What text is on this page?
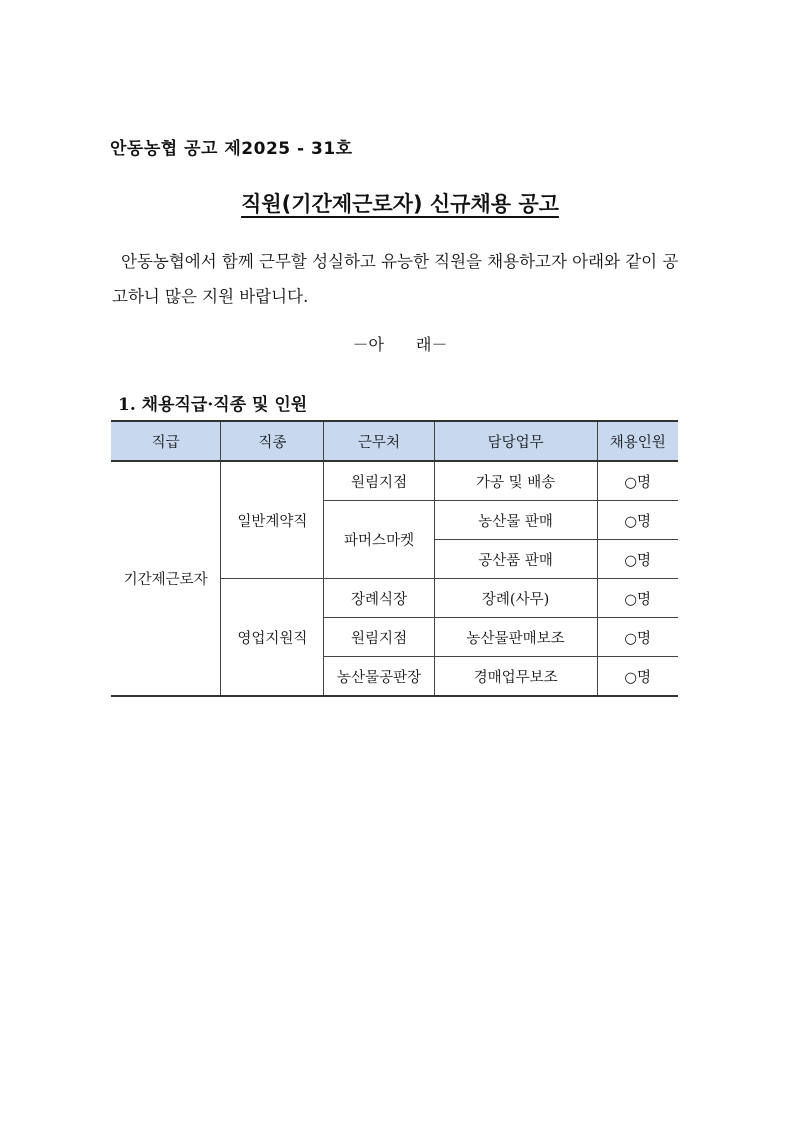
안동농협 공고 제2025 - 31호
직원(기간제근로자) 신규채용 공고
안동농협에서 함께 근무할 성실하고 유능한 직원을 채용하고자 아래와 같이 공고하니 많은 지원 바랍니다.
－아　　래－
1. 채용직급·직종 및 인원
직급	직종	근무처	담당업무	채용인원
기간제근로자	일반계약직	원림지점	가공 및 배송	○명
		파머스마켓	농산물 판매	○명
			공산품 판매	○명
	영업지원직	장례식장	장례(사무)	○명
		원림지점	농산물판매보조	○명
		농산물공판장	경매업무보조	○명
